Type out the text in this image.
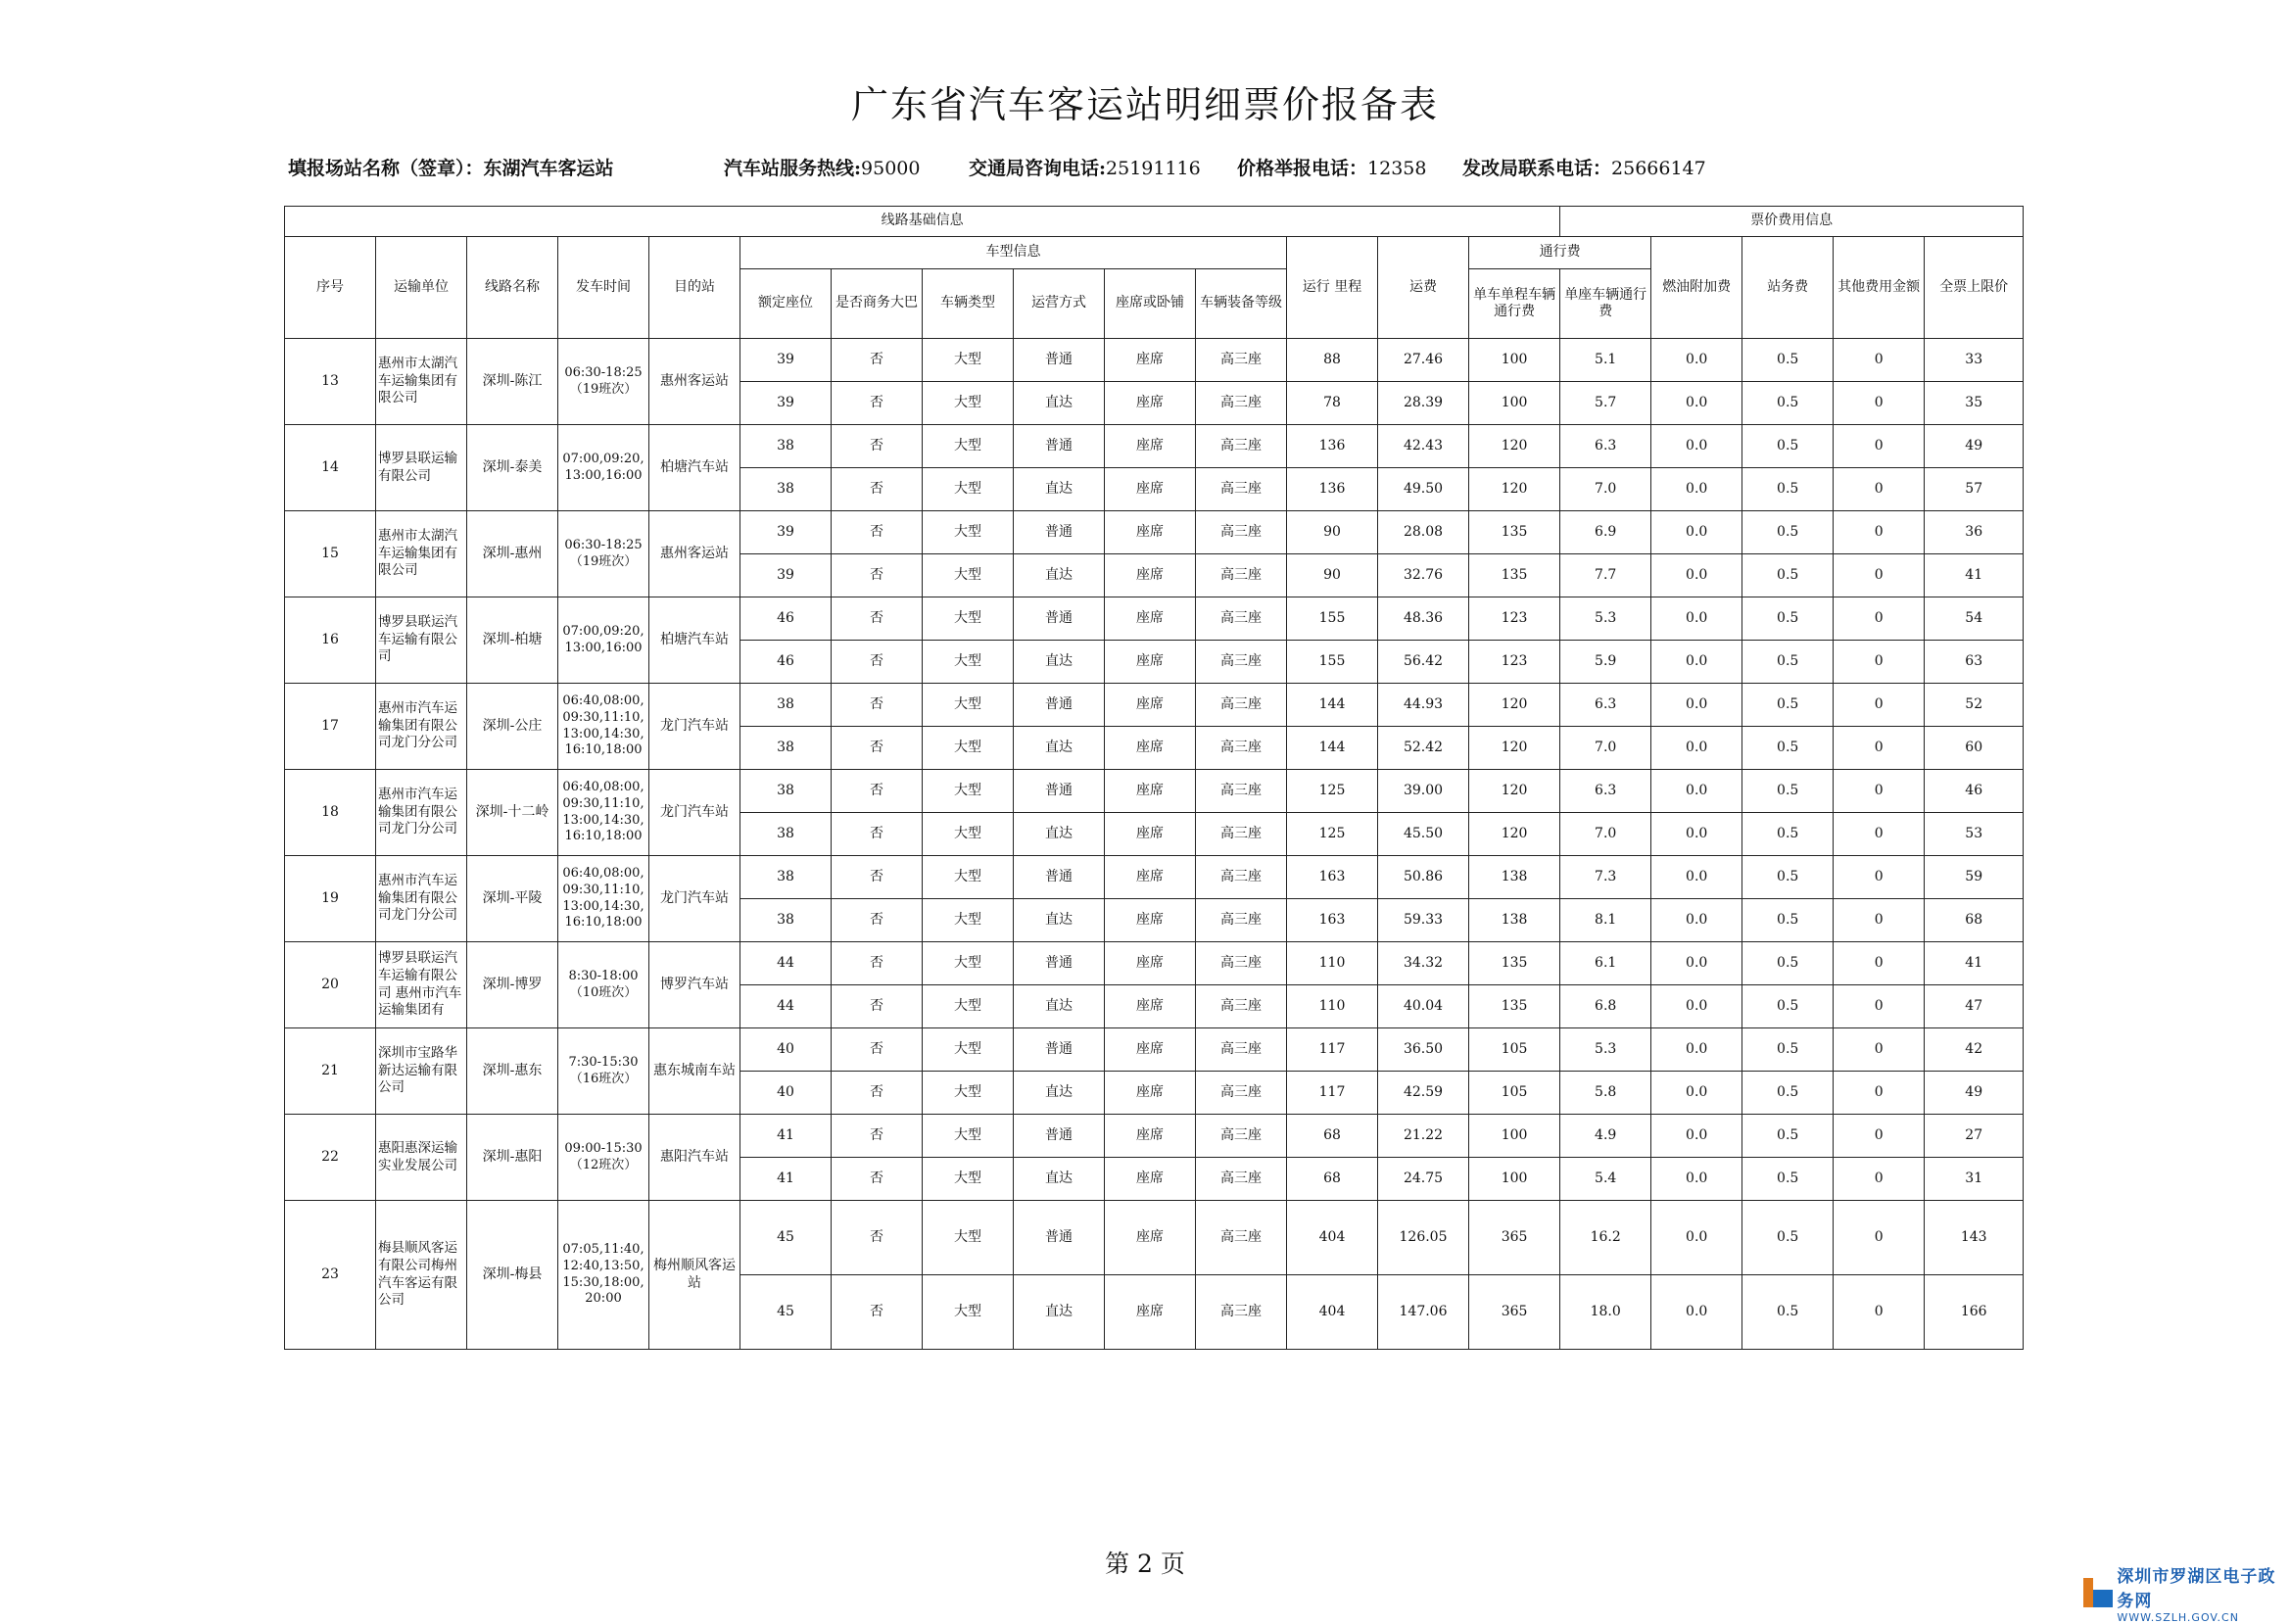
广东省汽车客运站明细票价报备表
填报场站名称（签章）：东湖汽车客运站	汽车站服务热线:95000	交通局咨询电话:25191116 价格举报电话：12358 发改局联系电话：25666147
线路基础信息														票价费用信息				
序号	运输单位	线路名称	发车时间	目的站	车型信息						运行 里程	运费	通行费		燃油附加费	站务费	其他费用金额	全票上限价
					额定座位	是否商务大巴	车辆类型	运营方式	座席或卧铺	车辆装备等级			单车单程车辆通行费	单座车辆通行费				
13	惠州市太湖汽车运输集团有限公司	深圳-陈江	06:30-18:25（19班次）	惠州客运站	39	否	大型	普通	座席	高三座	88	27.46	100	5.1	0.0	0.5	0	33
					39	否	大型	直达	座席	高三座	78	28.39	100	5.7	0.0	0.5	0	35
14	博罗县联运输有限公司	深圳-泰美	07:00,09:20,13:00,16:00	柏塘汽车站	38	否	大型	普通	座席	高三座	136	42.43	120	6.3	0.0	0.5	0	49
					38	否	大型	直达	座席	高三座	136	49.50	120	7.0	0.0	0.5	0	57
15	惠州市太湖汽车运输集团有限公司	深圳-惠州	06:30-18:25（19班次）	惠州客运站	39	否	大型	普通	座席	高三座	90	28.08	135	6.9	0.0	0.5	0	36
					39	否	大型	直达	座席	高三座	90	32.76	135	7.7	0.0	0.5	0	41
16	博罗县联运汽车运输有限公司	深圳-柏塘	07:00,09:20,13:00,16:00	柏塘汽车站	46	否	大型	普通	座席	高三座	155	48.36	123	5.3	0.0	0.5	0	54
					46	否	大型	直达	座席	高三座	155	56.42	123	5.9	0.0	0.5	0	63
17	惠州市汽车运输集团有限公司龙门分公司	深圳-公庄	06:40,08:00,09:30,11:10,13:00,14:30,16:10,18:00	龙门汽车站	38	否	大型	普通	座席	高三座	144	44.93	120	6.3	0.0	0.5	0	52
					38	否	大型	直达	座席	高三座	144	52.42	120	7.0	0.0	0.5	0	60
18	惠州市汽车运输集团有限公司龙门分公司	深圳-十二岭	06:40,08:00,09:30,11:10,13:00,14:30,16:10,18:00	龙门汽车站	38	否	大型	普通	座席	高三座	125	39.00	120	6.3	0.0	0.5	0	46
					38	否	大型	直达	座席	高三座	125	45.50	120	7.0	0.0	0.5	0	53
19	惠州市汽车运输集团有限公司龙门分公司	深圳-平陵	06:40,08:00,09:30,11:10,13:00,14:30,16:10,18:00	龙门汽车站	38	否	大型	普通	座席	高三座	163	50.86	138	7.3	0.0	0.5	0	59
					38	否	大型	直达	座席	高三座	163	59.33	138	8.1	0.0	0.5	0	68
20	博罗县联运汽车运输有限公司 惠州市汽车运输集团有	深圳-博罗	8:30-18:00（10班次）	博罗汽车站	44	否	大型	普通	座席	高三座	110	34.32	135	6.1	0.0	0.5	0	41
					44	否	大型	直达	座席	高三座	110	40.04	135	6.8	0.0	0.5	0	47
21	深圳市宝路华新达运输有限公司	深圳-惠东	7:30-15:30（16班次）	惠东城南车站	40	否	大型	普通	座席	高三座	117	36.50	105	5.3	0.0	0.5	0	42
					40	否	大型	直达	座席	高三座	117	42.59	105	5.8	0.0	0.5	0	49
22	惠阳惠深运输实业发展公司	深圳-惠阳	09:00-15:30（12班次）	惠阳汽车站	41	否	大型	普通	座席	高三座	68	21.22	100	4.9	0.0	0.5	0	27
					41	否	大型	直达	座席	高三座	68	24.75	100	5.4	0.0	0.5	0	31
23	梅县顺风客运有限公司梅州汽车客运有限公司	深圳-梅县	07:05,11:40,12:40,13:50,15:30,18:00,20:00	梅州顺风客运站	45	否	大型	普通	座席	高三座	404	126.05	365	16.2	0.0	0.5	0	143
					45	否	大型	直达	座席	高三座	404	147.06	365	18.0	0.0	0.5	0	166
第 2 页	深圳市罗湖区电子政务网
WWW.SZLH.GOV.CN
